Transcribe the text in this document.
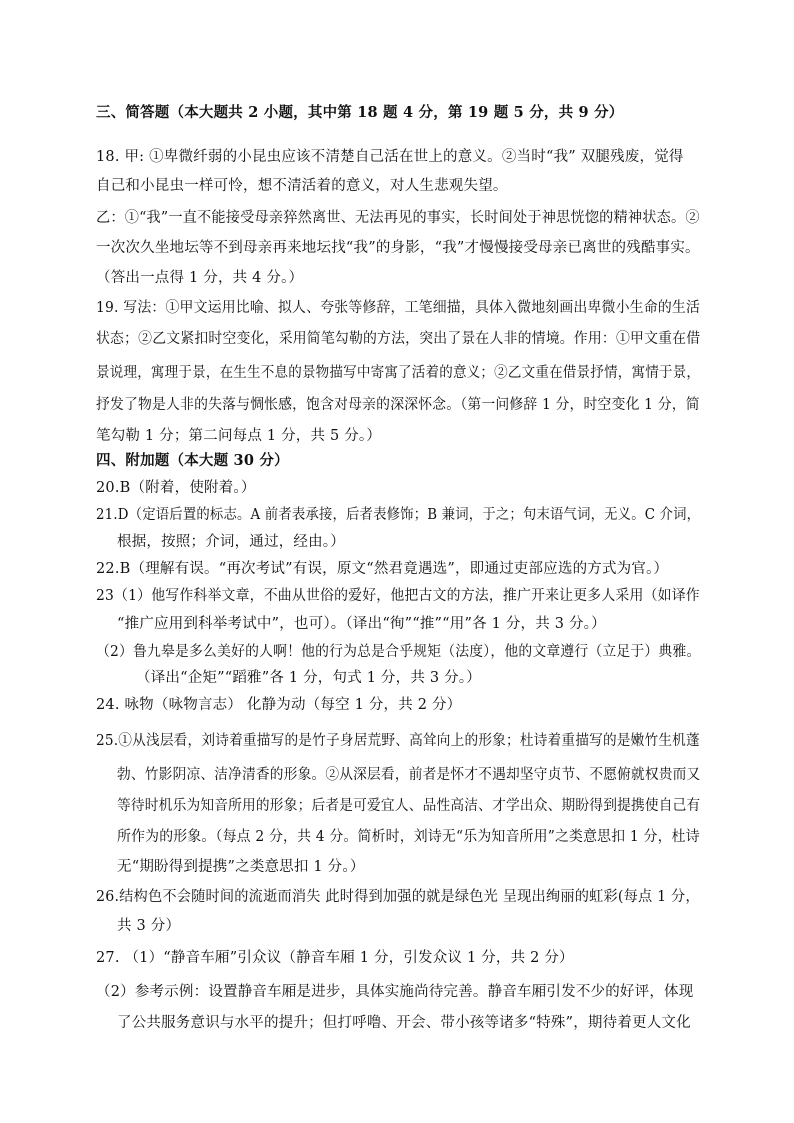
三、简答题（本大题共 2 小题，其中第 18 题 4 分，第 19 题 5 分，共 9 分）
18. 甲: ①卑微纤弱的小昆虫应该不清楚自己活在世上的意义。②当时“我” 双腿残废，觉得
自己和小昆虫一样可怜，想不清活着的意义，对人生悲观失望。
乙：①“我”一直不能接受母亲猝然离世、无法再见的事实，长时间处于神思恍惚的精神状态。②
一次次久坐地坛等不到母亲再来地坛找“我”的身影，“我”才慢慢接受母亲已离世的残酷事实。
（答出一点得 1 分，共 4 分。）
19. 写法：①甲文运用比喻、拟人、夸张等修辞，工笔细描，具体入微地刻画出卑微小生命的生活
状态；②乙文紧扣时空变化，采用简笔勾勒的方法，突出了景在人非的情境。作用：①甲文重在借
景说理，寓理于景，在生生不息的景物描写中寄寓了活着的意义；②乙文重在借景抒情，寓情于景，
抒发了物是人非的失落与惆怅感，饱含对母亲的深深怀念。（第一问修辞 1 分，时空变化 1 分，简
笔勾勒 1 分；第二问每点 1 分，共 5 分。）
四、附加题（本大题 30 分）
20.B（附着，使附着。）
21.D（定语后置的标志。A 前者表承接，后者表修饰；B 兼词，于之；句末语气词，无义。C 介词，
根据，按照；介词，通过，经由。）
22.B（理解有误。“再次考试”有误，原文“然君竟遇选”，即通过吏部应选的方式为官。）
23（1）他写作科举文章，不曲从世俗的爱好，他把古文的方法，推广开来让更多人采用（如译作
“推广应用到科举考试中”，也可）。（译出“徇”“推”“用”各 1 分，共 3 分。）
（2）鲁九皋是多么美好的人啊！他的行为总是合乎规矩（法度），他的文章遵行（立足于）典雅。
（译出“企矩”“蹈雅”各 1 分，句式 1 分，共 3 分。）
24. 咏物（咏物言志） 化静为动（每空 1 分，共 2 分）
25.①从浅层看，刘诗着重描写的是竹子身居荒野、高耸向上的形象；杜诗着重描写的是嫩竹生机蓬
勃、竹影阴凉、洁净清香的形象。②从深层看，前者是怀才不遇却坚守贞节、不愿俯就权贵而又
等待时机乐为知音所用的形象；后者是可爱宜人、品性高洁、才学出众、期盼得到提携使自己有
所作为的形象。（每点 2 分，共 4 分。简析时，刘诗无“乐为知音所用”之类意思扣 1 分，杜诗
无“期盼得到提携”之类意思扣 1 分。）
26.结构色不会随时间的流逝而消失 此时得到加强的就是绿色光 呈现出绚丽的虹彩(每点 1 分，
共 3 分）
27. （1）“静音车厢”引众议（静音车厢 1 分，引发众议 1 分，共 2 分）
（2）参考示例：设置静音车厢是进步，具体实施尚待完善。静音车厢引发不少的好评，体现
了公共服务意识与水平的提升；但打呼噜、开会、带小孩等诸多“特殊”，期待着更人文化
